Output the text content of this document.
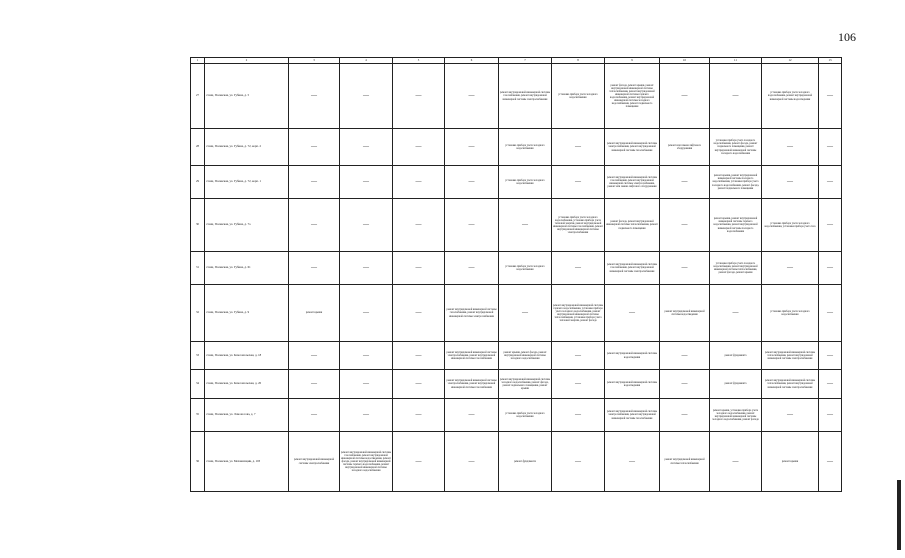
106
1	2	3	4	5	6	7	8	9	10	11	12	13
27	станц. Полевская, ул. Губина, д. 5	—	—	—	—	ремонт внутридомовой инженерной системы газоснабжения, ремонт внутридомовой инженерной системы электроснабжения	установка прибора учета холодного водоснабжения	ремонт фасада, ремонт крыши, ремонт внутридомовой инженерной системы теплоснабжения, ремонт внутридомовой инженерной системы горячего водоснабжения, ремонт внутридомовой инженерной системы холодного водоснабжения, ремонт подвального помещения	—	—	установка прибора учета холодного водоснабжения, ремонт внутридомовой инженерной системы водоотведения	—
28	станц. Полевская, ул. Губина, д. 72, корп. 2	—	—	—	—	установка прибора учета холодного водоснабжения	—	ремонт внутридомовой инженерной системы электроснабжения, ремонт внутридомовой инженерной системы газоснабжения	ремонт или замена лифтового оборудования	установка прибора учета холодного водоснабжения, ремонт фасада, ремонт подвального помещения, ремонт внутридомовой инженерной системы холодного водоснабжения	—	—
29	станц. Полевская, ул. Губина, д. 72, корп. 1	—	—	—	—	установка прибора учета холодного водоснабжения	—	ремонт внутридомовой инженерной системы газоснабжения, ремонт внутридомовой инженерной системы электроснабжения, ремонт или замена лифтового оборудования	—	ремонт крыши, ремонт внутридомовой инженерной системы холодного водоснабжения, установка прибора учета холодного водоснабжения, ремонт фасада, ремонт подвального помещения	—	—
30	станц. Полевская, ул. Губина, д. 7а	—	—	—	—	—	установка прибора учета холодного водоснабжения, установка прибора учета тепловой энергии, ремонт внутридомовой инженерной системы газоснабжения, ремонт внутридомовой инженерной системы электроснабжения	ремонт фасада, ремонт внутридомовой инженерной системы теплоснабжения, ремонт подвального помещения	—	ремонт крыши, ремонт внутридомовой инженерной системы горячего водоснабжения, ремонт внутридомовой инженерной системы холодного водоснабжения	установка прибора учета холодного водоснабжения, установка прибора учета газа	—
31	станц. Полевская, ул. Губина, д. 61	—	—	—	—	установка прибора учета холодного водоснабжения	—	ремонт внутридомовой инженерной системы газоснабжения, ремонт внутридомовой инженерной системы электроснабжения	—	установка прибора учета холодного водоснабжения, ремонт внутридомовой инженерной системы теплоснабжения, ремонт фасада, ремонт крыши	—	—
32	станц. Полевская, ул. Губина, д. 9	ремонт крыши	—	—	ремонт внутридомовой инженерной системы газоснабжения, ремонт внутридомовой инженерной системы электроснабжения	—	ремонт внутридомовой инженерной системы горячего водоснабжения, установка прибора учета холодного водоснабжения, ремонт внутридомовой инженерной системы теплоснабжения, установка прибора учета тепловой энергии, ремонт фасада	—	ремонт внутридомовой инженерной системы водоотведения	—	установка прибора учета холодного водоснабжения	—
33	станц. Полевская, ул. Комсомольская, д. 18	—	—	—	ремонт внутридомовой инженерной системы электроснабжения, ремонт внутридомовой инженерной системы газоснабжения	ремонт крыши, ремонт фасада, ремонт внутридомовой инженерной системы холодного водоснабжения	—	ремонт внутридомовой инженерной системы водоотведения	—	ремонт фундамента	ремонт внутридомовой инженерной системы теплоснабжения, ремонт внутридомовой инженерной системы электроснабжения	—
34	станц. Полевская, ул. Комсомольская, д. 20	—	—	—	ремонт внутридомовой инженерной системы электроснабжения, ремонт внутридомовой инженерной системы газоснабжения	ремонт внутридомовой инженерной системы холодного водоснабжения, ремонт фасада, ремонт подвального помещения, ремонт крыши	—	ремонт внутридомовой инженерной системы водоотведения	—	ремонт фундамента	ремонт внутридомовой инженерной системы теплоснабжения, ремонт внутридомовой инженерной системы электроснабжения	—
35	станц. Полевская, ул. Ломоносова, д. 7	—	—	—	—	установка прибора учета холодного водоснабжения	—	ремонт внутридомовой инженерной системы электроснабжения, ремонт внутридомовой инженерной системы газоснабжения	—	ремонт крыши, установка прибора учета холодного водоснабжения, ремонт внутридомовой инженерной системы холодного водоснабжения, ремонт фасада	—	—
36	станц. Полевская, ул. Механизации, д. 103	ремонт внутридомовой инженерной системы электроснабжения	ремонт внутридомовой инженерной системы газоснабжения, ремонт внутридомовой инженерной системы водоотведения, ремонт фасада, ремонт внутридомовой инженерной системы горячего водоснабжения, ремонт внутридомовой инженерной системы холодного водоснабжения	—	—	ремонт фундамента	—	—	ремонт внутридомовой инженерной системы теплоснабжения	—	ремонт крыши	—
